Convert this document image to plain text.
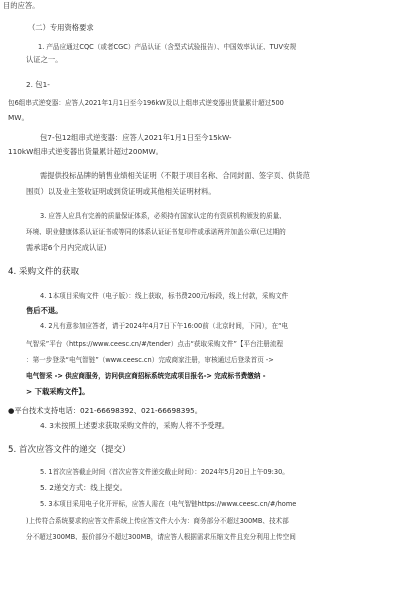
目的应答。
（二）专用资格要求
1. 产品应通过CQC（或者CGC）产品认证（含型式试验报告）、中国效率认证、TUV安规
认证之一。
2. 包1-
包6组串式逆变器：应答人2021年1月1日至今196kW及以上组串式逆变器出货量累计超过500
MW。
包7-包12组串式逆变器：应答人2021年1月1日至今15kW-
110kW组串式逆变器出货量累计超过200MW。
需提供投标品牌的销售业绩相关证明（不限于项目名称、合同封面、签字页、供货范
围页）以及业主签收证明或到货证明或其他相关证明材料。
3. 应答人应具有完善的质量保证体系，必须持有国家认定的有资质机构颁发的质量、
环境、职业健康体系认证证书或等同的体系认证证书复印件或承诺两并加盖公章(已过期的
需承诺6个月内完成认证)
4. 采购文件的获取
4. 1本项目采购文件（电子版）：线上获取，标书费200元/标段，线上付款，采购文件
售后不退。
4. 2凡有意参加应答者，请于2024年4月7日下午16:00前（北京时间，下同），在“电
气智采”平台（https://www.ceesc.cn/#/tender）点击“获取采购文件”【平台注册流程
：第一步登录“电气智链”（www.ceesc.cn）完成商家注册，审核通过后登录首页 ->
电气智采 -> 供应商服务，访问供应商招标系统完成项目报名-> 完成标书费缴纳 -
> 下载采购文件】。
●平台技术支持电话：021-66698392、021-66698395。
4. 3未按照上述要求获取采购文件的，采购人将不予受理。
5. 首次应答文件的递交（提交）
5. 1首次应答截止时间（首次应答文件递交截止时间）：2024年5月20日上午09:30。
5. 2递交方式：线上提交。
5. 3本项目采用电子化开评标，应答人需在（电气智链https://www.ceesc.cn/#/home
)上传符合系统要求的应答文件系统上传应答文件大小为：商务部分不超过300MB、技术部
分不超过300MB、报价部分不超过300MB，请应答人根据需求压缩文件且充分利用上传空间
